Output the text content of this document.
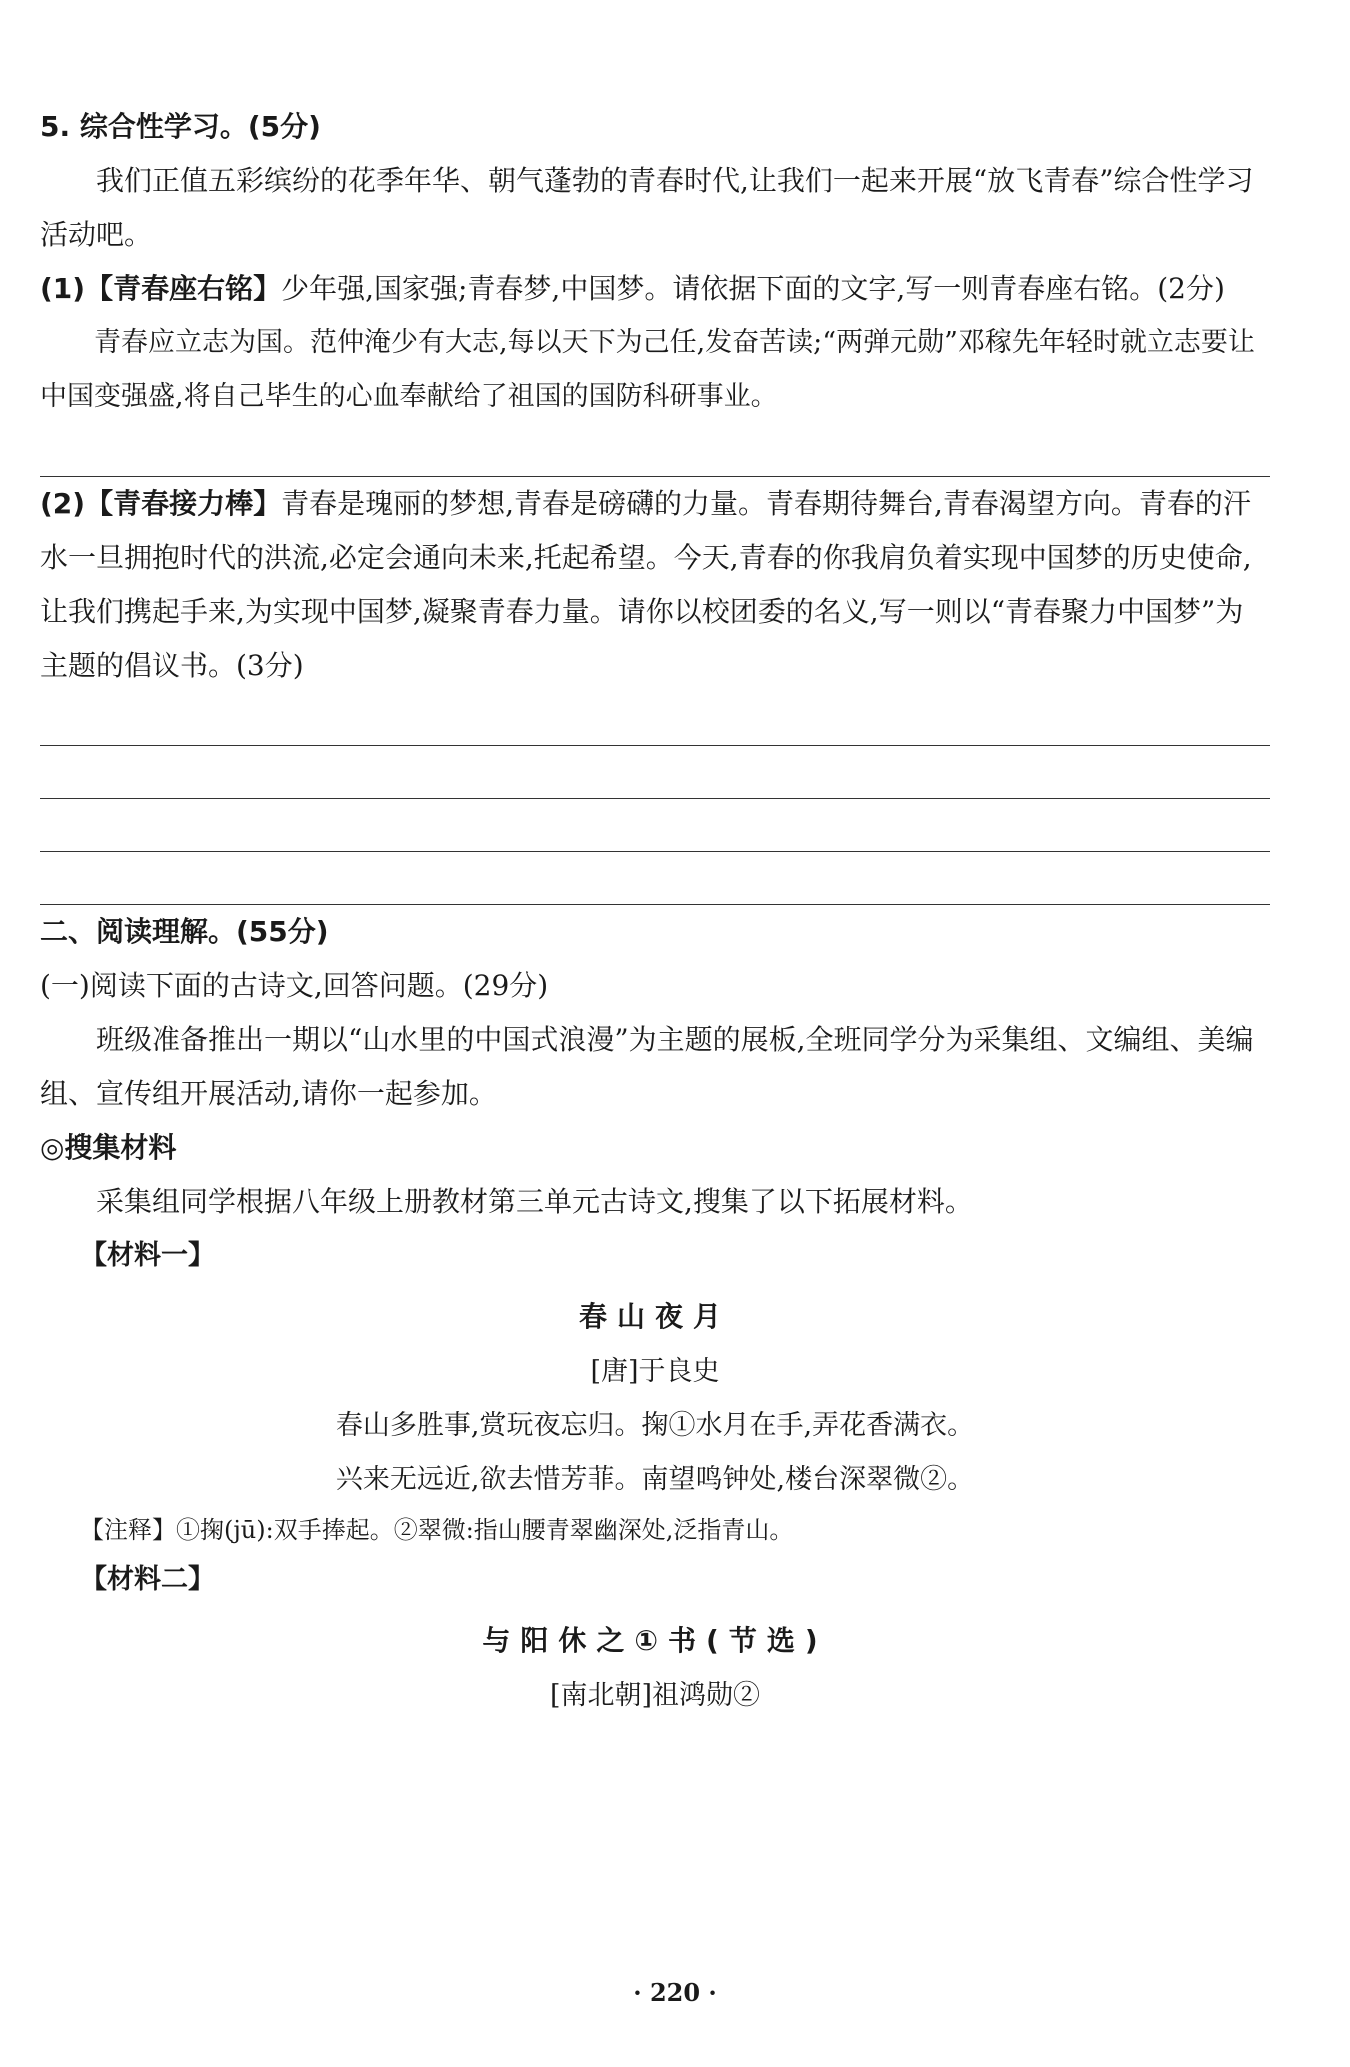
5. 综合性学习。(5分)

我们正值五彩缤纷的花季年华、朝气蓬勃的青春时代,让我们一起来开展“放飞青春”综合性学习活动吧。

(1)【青春座右铭】少年强,国家强;青春梦,中国梦。请依据下面的文字,写一则青春座右铭。(2分)

青春应立志为国。范仲淹少有大志,每以天下为己任,发奋苦读;“两弹元勋”邓稼先年轻时就立志要让中国变强盛,将自己毕生的心血奉献给了祖国的国防科研事业。

(2)【青春接力棒】青春是瑰丽的梦想,青春是磅礴的力量。青春期待舞台,青春渴望方向。青春的汗水一旦拥抱时代的洪流,必定会通向未来,托起希望。今天,青春的你我肩负着实现中国梦的历史使命,让我们携起手来,为实现中国梦,凝聚青春力量。请你以校团委的名义,写一则以“青春聚力中国梦”为主题的倡议书。(3分)

二、阅读理解。(55分)

(一)阅读下面的古诗文,回答问题。(29分)

班级准备推出一期以“山水里的中国式浪漫”为主题的展板,全班同学分为采集组、文编组、美编组、宣传组开展活动,请你一起参加。

◎搜集材料

采集组同学根据八年级上册教材第三单元古诗文,搜集了以下拓展材料。

【材料一】

春山夜月

[唐]于良史

春山多胜事,赏玩夜忘归。掬①水月在手,弄花香满衣。

兴来无远近,欲去惜芳菲。南望鸣钟处,楼台深翠微②。

【注释】①掬(jū):双手捧起。②翠微:指山腰青翠幽深处,泛指青山。

【材料二】

与阳休之①书(节选)

[南北朝]祖鸿勋②

· 220 ·
